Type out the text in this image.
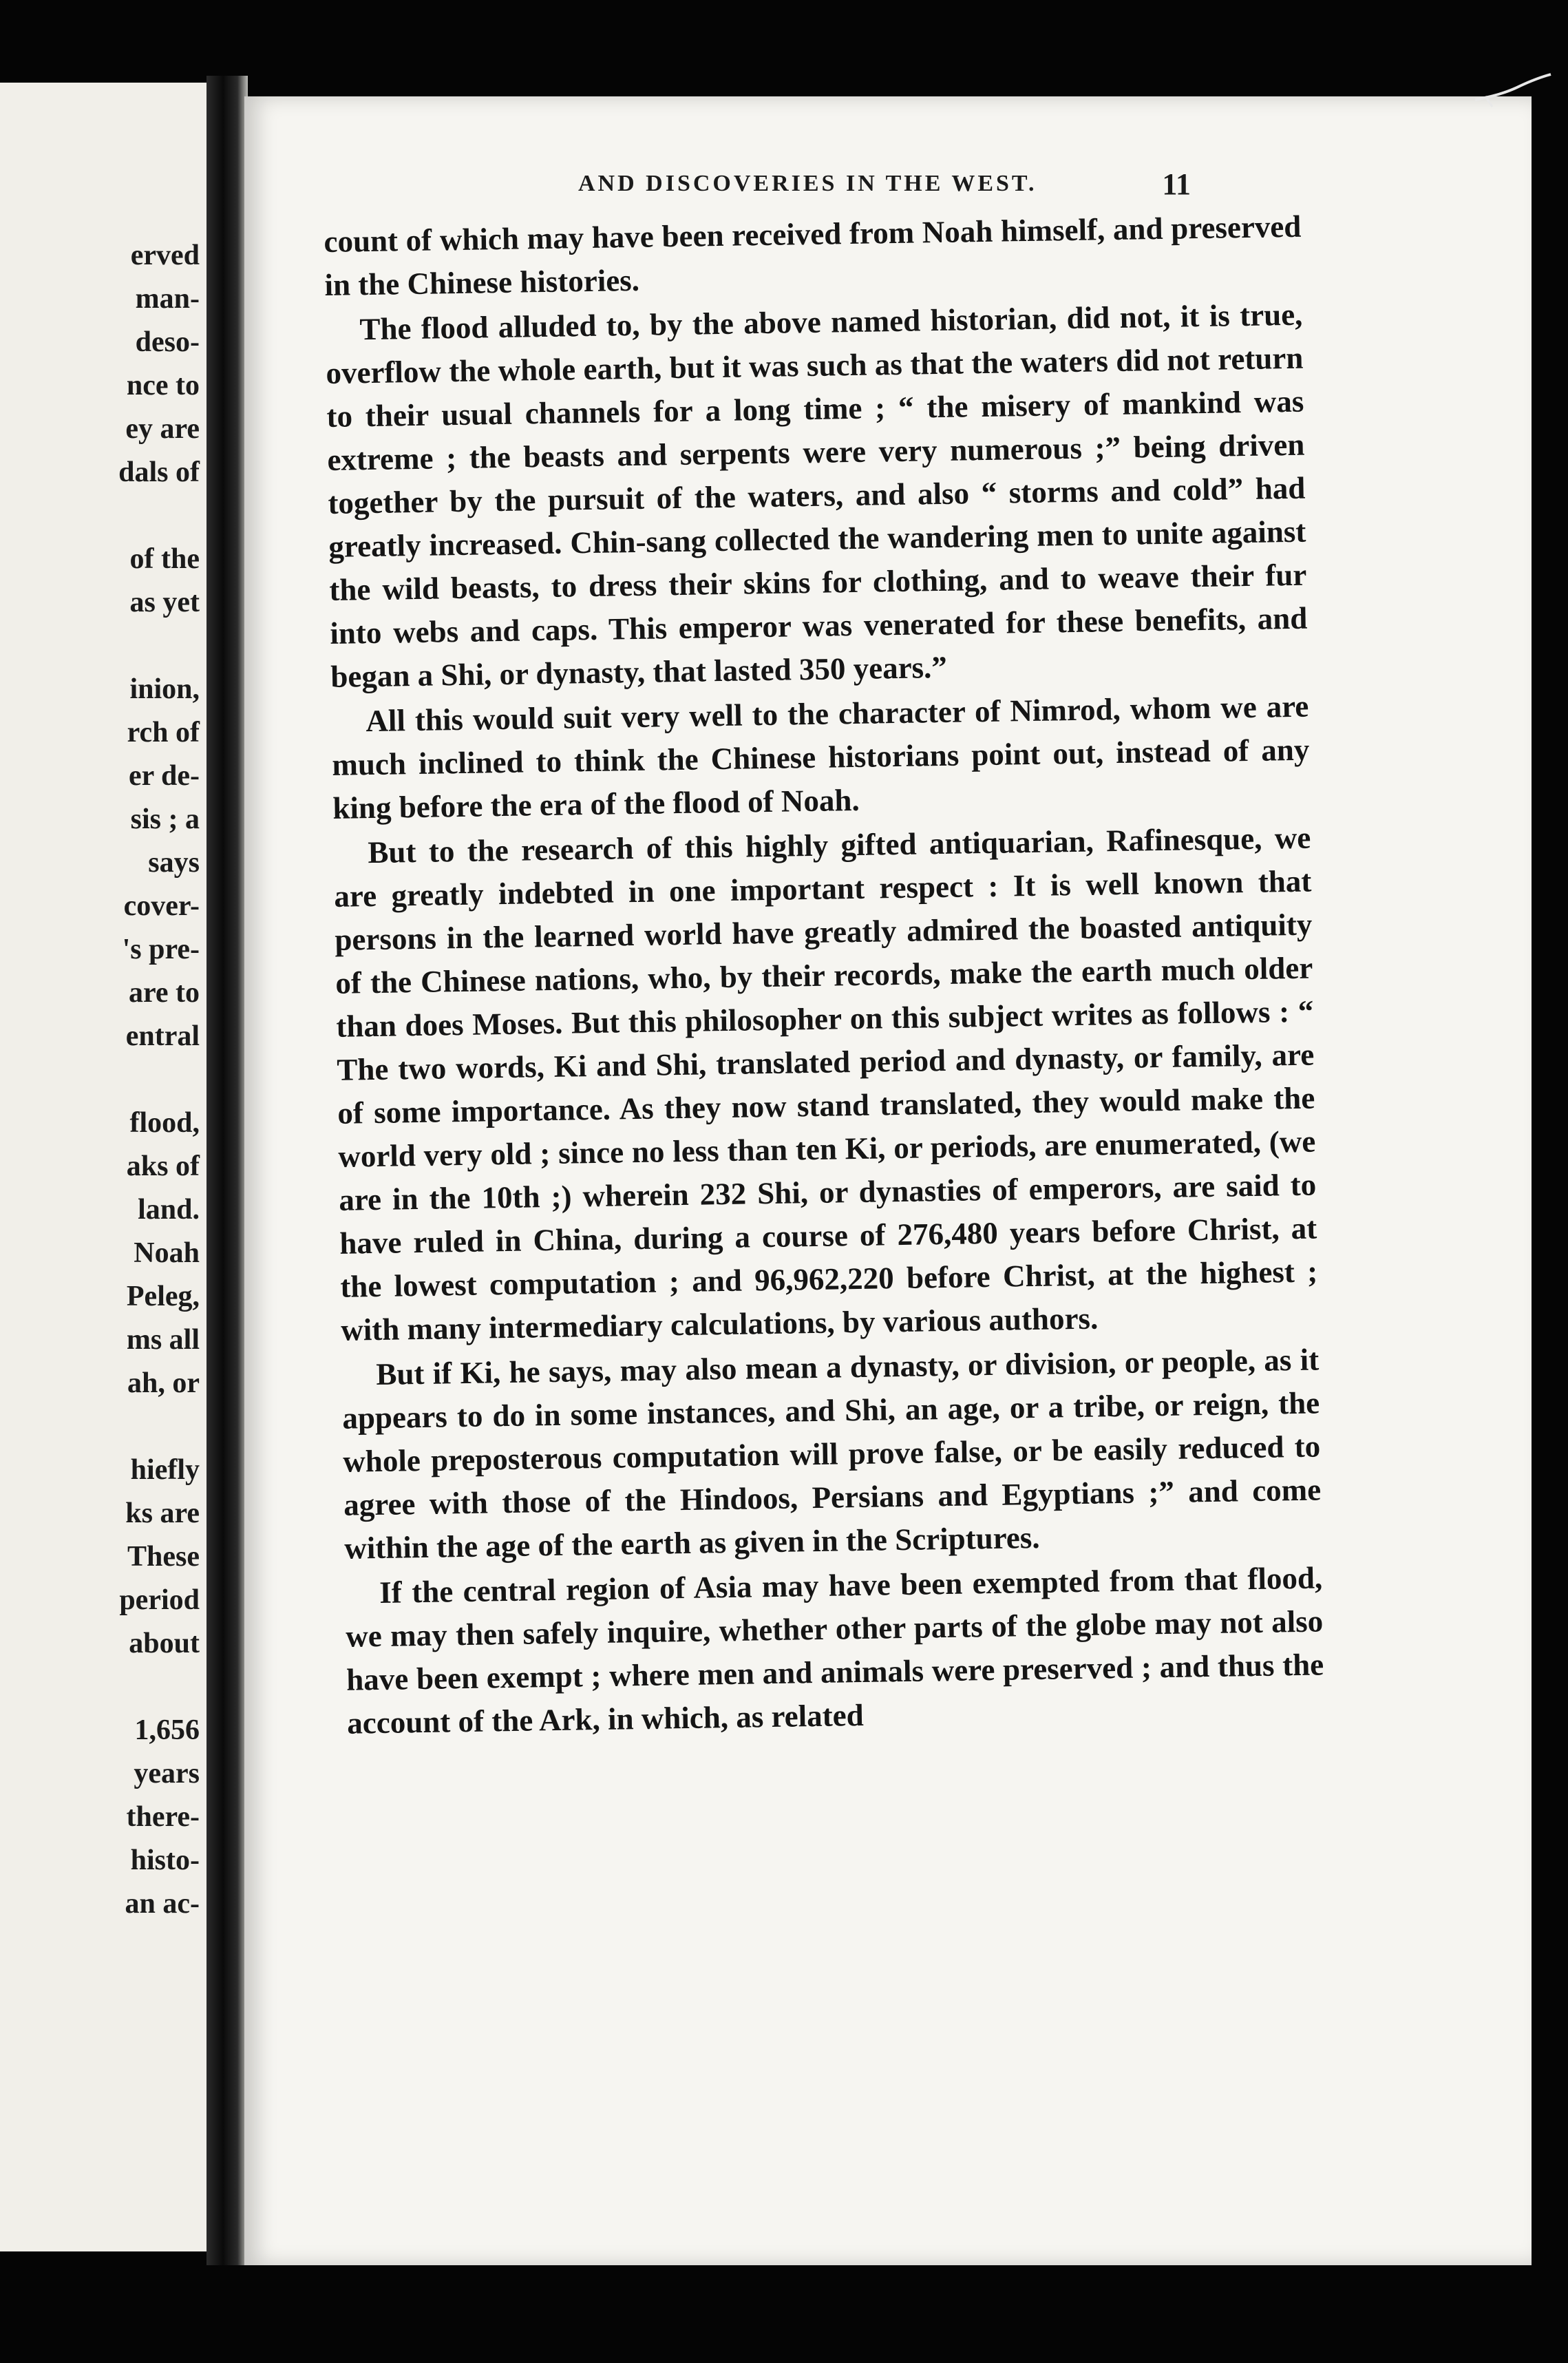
erved
man-
deso-
nce to
ey are
dals of
of the
as yet
inion,
rch of
er de-
sis ; a
says
cover-
's pre-
are to
entral
flood,
aks of
land.
Noah
Peleg,
ms all
ah, or
hiefly
ks are
These
period
about
1,656
years
there-
histo-
an ac-
AND DISCOVERIES IN THE WEST.	11

count of which may have been received from Noah himself, and preserved in the Chinese histories.

The flood alluded to, by the above named historian, did not, it is true, overflow the whole earth, but it was such as that the waters did not return to their usual channels for a long time ; “ the misery of mankind was extreme ; the beasts and serpents were very numerous ;” being driven together by the pursuit of the waters, and also “ storms and cold” had greatly increased. Chin-sang collected the wandering men to unite against the wild beasts, to dress their skins for clothing, and to weave their fur into webs and caps. This emperor was venerated for these benefits, and began a Shi, or dynasty, that lasted 350 years.”

All this would suit very well to the character of Nimrod, whom we are much inclined to think the Chinese historians point out, instead of any king before the era of the flood of Noah.

But to the research of this highly gifted antiquarian, Rafinesque, we are greatly indebted in one important respect : It is well known that persons in the learned world have greatly admired the boasted antiquity of the Chinese nations, who, by their records, make the earth much older than does Moses. But this philosopher on this subject writes as follows : “ The two words, Ki and Shi, translated period and dynasty, or family, are of some importance. As they now stand translated, they would make the world very old ; since no less than ten Ki, or periods, are enumerated, (we are in the 10th ;) wherein 232 Shi, or dynasties of emperors, are said to have ruled in China, during a course of 276,480 years before Christ, at the lowest computation ; and 96,962,220 before Christ, at the highest ; with many intermediary calculations, by various authors.

But if Ki, he says, may also mean a dynasty, or division, or people, as it appears to do in some instances, and Shi, an age, or a tribe, or reign, the whole preposterous computation will prove false, or be easily reduced to agree with those of the Hindoos, Persians and Egyptians ;” and come within the age of the earth as given in the Scriptures.

If the central region of Asia may have been exempted from that flood, we may then safely inquire, whether other parts of the globe may not also have been exempt ; where men and animals were preserved ; and thus the account of the Ark, in which, as related
